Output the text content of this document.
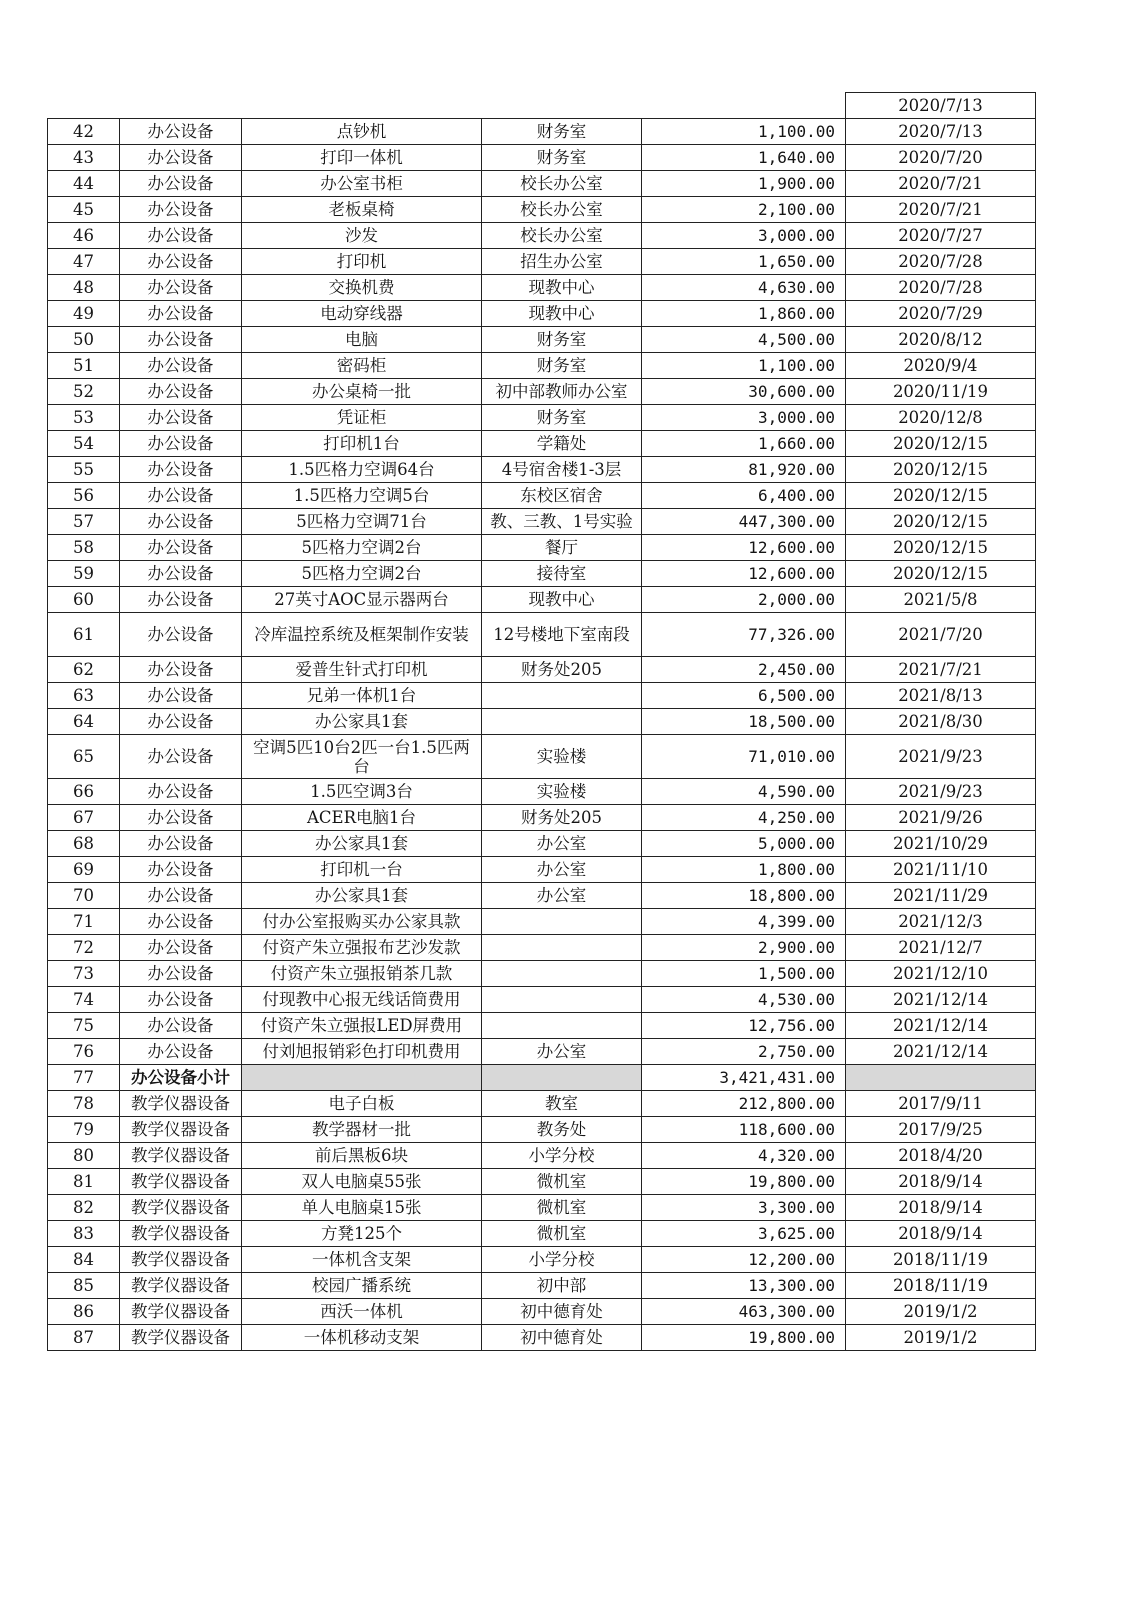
					2020/7/13
42	办公设备	点钞机	财务室	1,100.00	2020/7/13
43	办公设备	打印一体机	财务室	1,640.00	2020/7/20
44	办公设备	办公室书柜	校长办公室	1,900.00	2020/7/21
45	办公设备	老板桌椅	校长办公室	2,100.00	2020/7/21
46	办公设备	沙发	校长办公室	3,000.00	2020/7/27
47	办公设备	打印机	招生办公室	1,650.00	2020/7/28
48	办公设备	交换机费	现教中心	4,630.00	2020/7/28
49	办公设备	电动穿线器	现教中心	1,860.00	2020/7/29
50	办公设备	电脑	财务室	4,500.00	2020/8/12
51	办公设备	密码柜	财务室	1,100.00	2020/9/4
52	办公设备	办公桌椅一批	初中部教师办公室	30,600.00	2020/11/19
53	办公设备	凭证柜	财务室	3,000.00	2020/12/8
54	办公设备	打印机1台	学籍处	1,660.00	2020/12/15
55	办公设备	1.5匹格力空调64台	4号宿舍楼1-3层	81,920.00	2020/12/15
56	办公设备	1.5匹格力空调5台	东校区宿舍	6,400.00	2020/12/15
57	办公设备	5匹格力空调71台	教、三教、1号实验	447,300.00	2020/12/15
58	办公设备	5匹格力空调2台	餐厅	12,600.00	2020/12/15
59	办公设备	5匹格力空调2台	接待室	12,600.00	2020/12/15
60	办公设备	27英寸AOC显示器两台	现教中心	2,000.00	2021/5/8
61	办公设备	冷库温控系统及框架制作安装	12号楼地下室南段	77,326.00	2021/7/20
62	办公设备	爱普生针式打印机	财务处205	2,450.00	2021/7/21
63	办公设备	兄弟一体机1台		6,500.00	2021/8/13
64	办公设备	办公家具1套		18,500.00	2021/8/30
65	办公设备	空调5匹10台2匹一台1.5匹两台	实验楼	71,010.00	2021/9/23
66	办公设备	1.5匹空调3台	实验楼	4,590.00	2021/9/23
67	办公设备	ACER电脑1台	财务处205	4,250.00	2021/9/26
68	办公设备	办公家具1套	办公室	5,000.00	2021/10/29
69	办公设备	打印机一台	办公室	1,800.00	2021/11/10
70	办公设备	办公家具1套	办公室	18,800.00	2021/11/29
71	办公设备	付办公室报购买办公家具款		4,399.00	2021/12/3
72	办公设备	付资产朱立强报布艺沙发款		2,900.00	2021/12/7
73	办公设备	付资产朱立强报销茶几款		1,500.00	2021/12/10
74	办公设备	付现教中心报无线话筒费用		4,530.00	2021/12/14
75	办公设备	付资产朱立强报LED屏费用		12,756.00	2021/12/14
76	办公设备	付刘旭报销彩色打印机费用	办公室	2,750.00	2021/12/14
77	办公设备小计			3,421,431.00	
78	教学仪器设备	电子白板	教室	212,800.00	2017/9/11
79	教学仪器设备	教学器材一批	教务处	118,600.00	2017/9/25
80	教学仪器设备	前后黑板6块	小学分校	4,320.00	2018/4/20
81	教学仪器设备	双人电脑桌55张	微机室	19,800.00	2018/9/14
82	教学仪器设备	单人电脑桌15张	微机室	3,300.00	2018/9/14
83	教学仪器设备	方凳125个	微机室	3,625.00	2018/9/14
84	教学仪器设备	一体机含支架	小学分校	12,200.00	2018/11/19
85	教学仪器设备	校园广播系统	初中部	13,300.00	2018/11/19
86	教学仪器设备	西沃一体机	初中德育处	463,300.00	2019/1/2
87	教学仪器设备	一体机移动支架	初中德育处	19,800.00	2019/1/2
